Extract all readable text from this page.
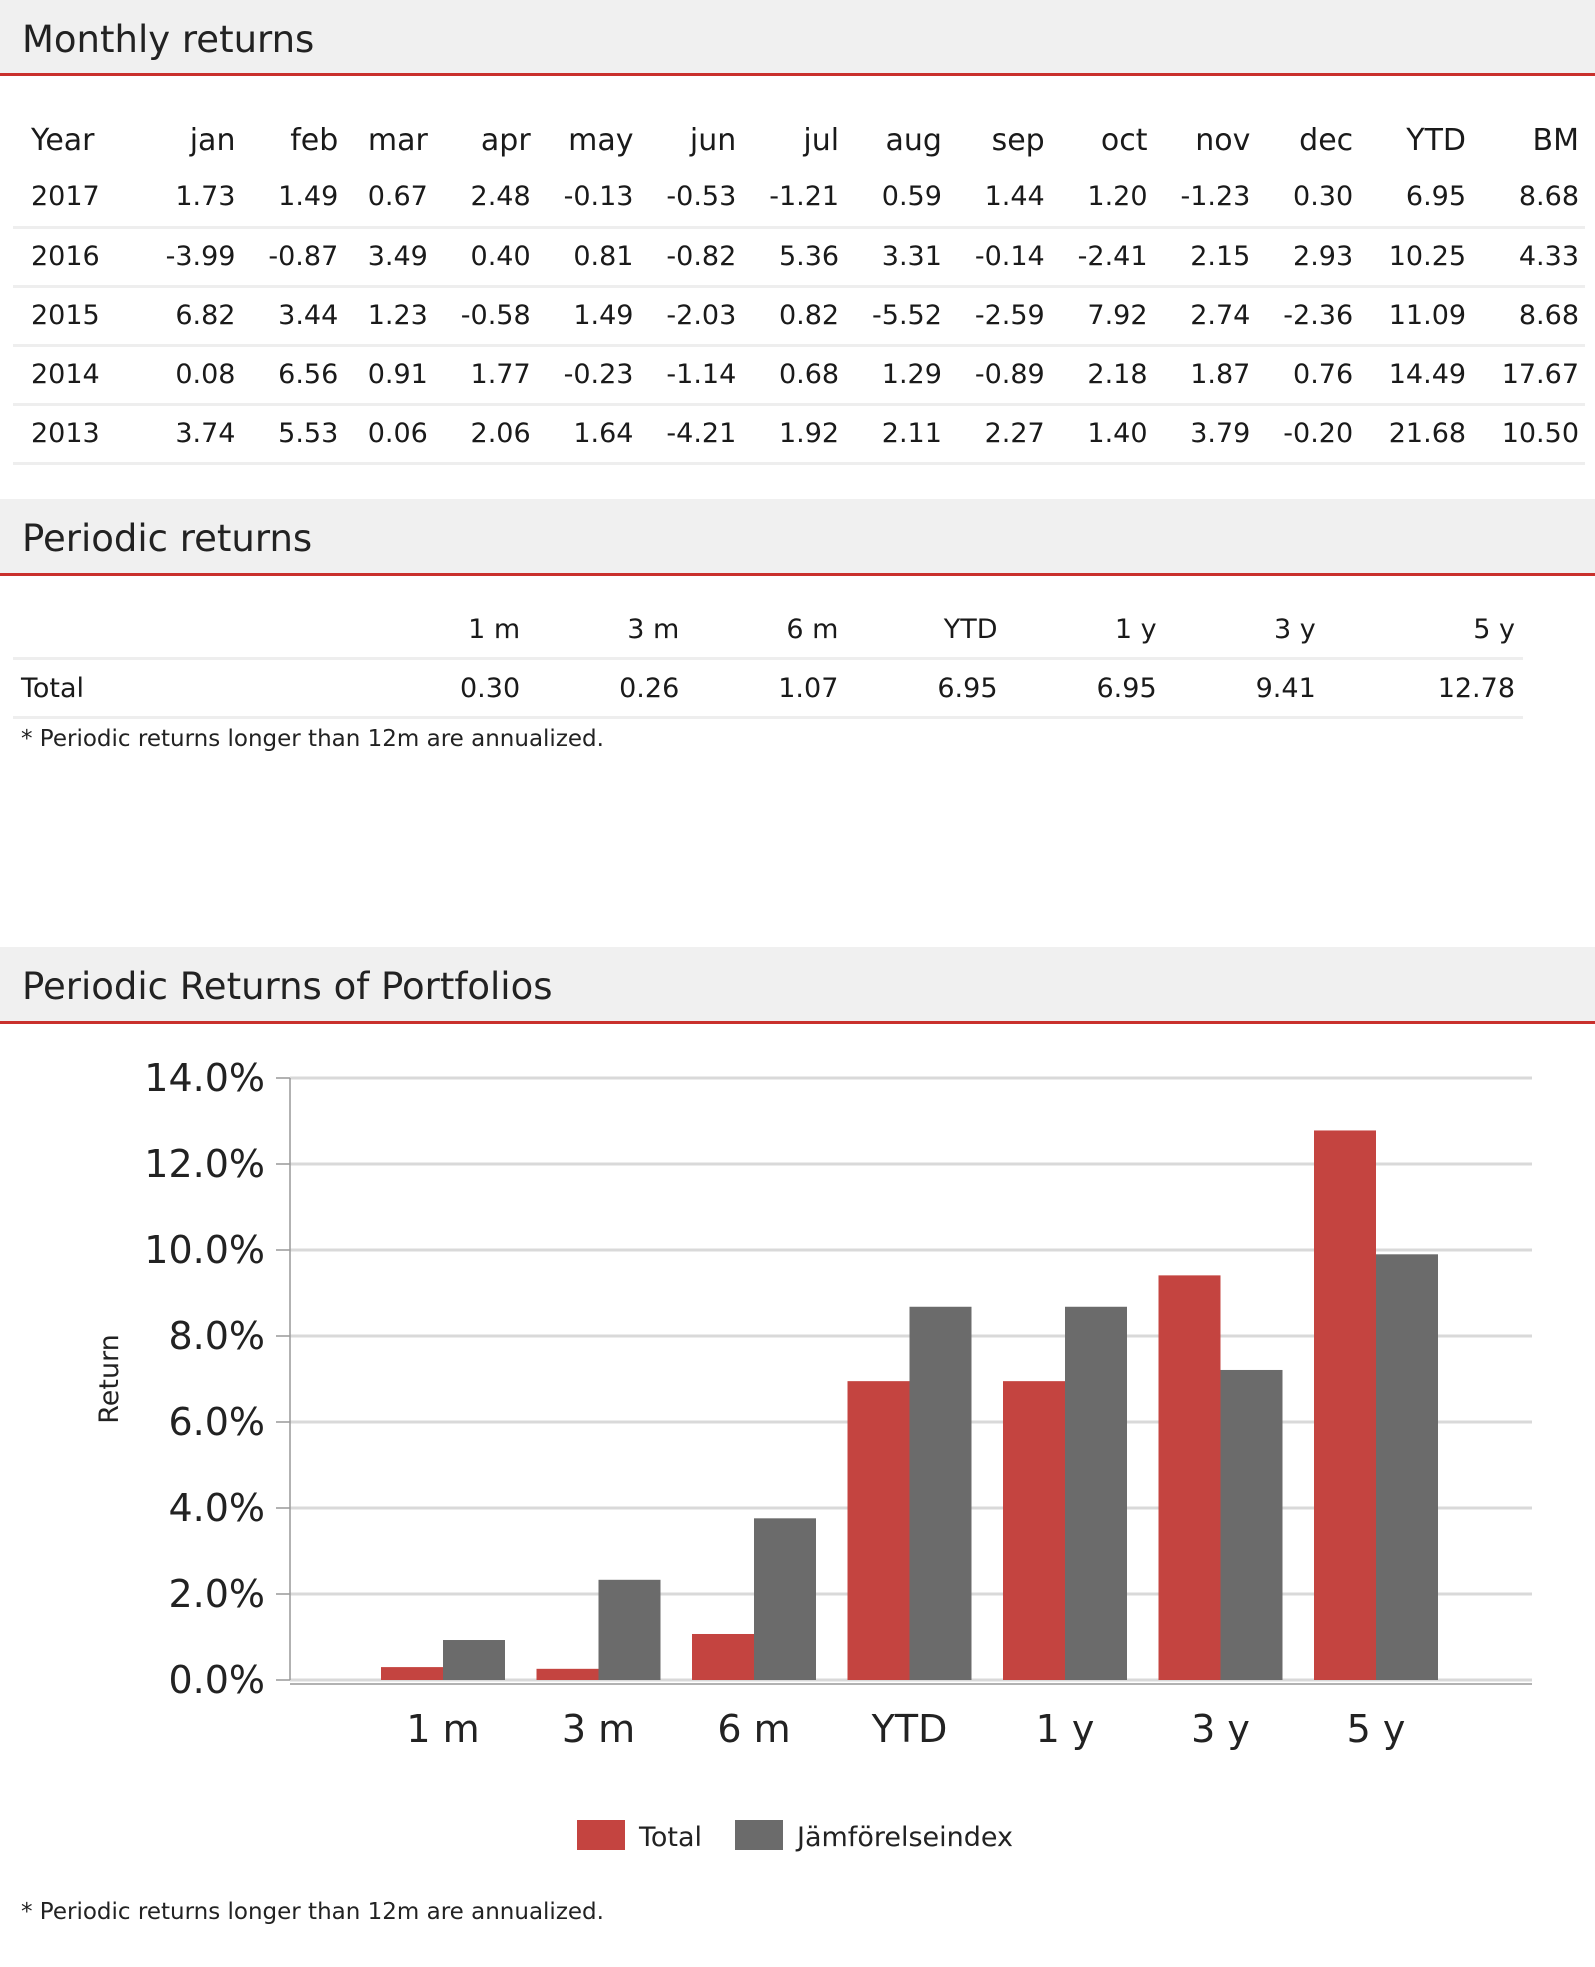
Monthly returns
Year	jan	feb	mar	apr	may	jun	jul	aug	sep	oct	nov	dec	YTD	BM
2017	1.73	1.49	0.67	2.48	-0.13	-0.53	-1.21	0.59	1.44	1.20	-1.23	0.30	6.95	8.68
2016	-3.99	-0.87	3.49	0.40	0.81	-0.82	5.36	3.31	-0.14	-2.41	2.15	2.93	10.25	4.33
2015	6.82	3.44	1.23	-0.58	1.49	-2.03	0.82	-5.52	-2.59	7.92	2.74	-2.36	11.09	8.68
2014	0.08	6.56	0.91	1.77	-0.23	-1.14	0.68	1.29	-0.89	2.18	1.87	0.76	14.49	17.67
2013	3.74	5.53	0.06	2.06	1.64	-4.21	1.92	2.11	2.27	1.40	3.79	-0.20	21.68	10.50
Periodic returns
	1 m	3 m	6 m	YTD	1 y	3 y	5 y
Total	0.30	0.26	1.07	6.95	6.95	9.41	12.78
* Periodic returns longer than 12m are annualized.
Periodic Returns of Portfolios
0.0%
2.0%
4.0%
6.0%
8.0%
10.0%
12.0%
14.0%
Return
1 m 3 m 6 m YTD 1 y	3 y	5 y
Total	Jämförelseindex
* Periodic returns longer than 12m are annualized.
